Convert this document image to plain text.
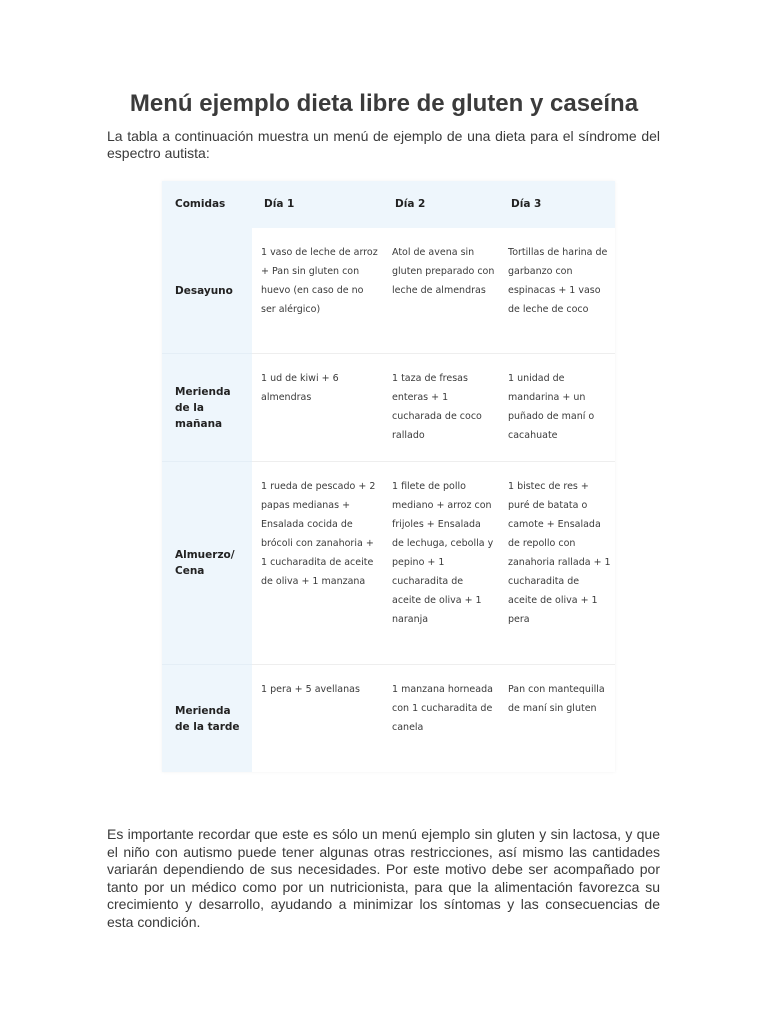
Menú ejemplo dieta libre de gluten y caseína

La tabla a continuación muestra un menú de ejemplo de una dieta para el síndrome del espectro autista:

Comidas	Día 1	Día 2	Día 3
Desayuno	1 vaso de leche de arroz + Pan sin gluten con huevo (en caso de no ser alérgico)	Atol de avena sin gluten preparado con leche de almendras	Tortillas de harina de garbanzo con espinacas + 1 vaso de leche de coco
Merienda de la mañana	1 ud de kiwi + 6 almendras	1 taza de fresas enteras + 1 cucharada de coco rallado	1 unidad de mandarina + un puñado de maní o cacahuate
Almuerzo/ Cena	1 rueda de pescado + 2 papas medianas + Ensalada cocida de brócoli con zanahoria + 1 cucharadita de aceite de oliva + 1 manzana	1 filete de pollo mediano + arroz con frijoles + Ensalada de lechuga, cebolla y pepino + 1 cucharadita de aceite de oliva + 1 naranja	1 bistec de res + puré de batata o camote + Ensalada de repollo con zanahoria rallada + 1 cucharadita de aceite de oliva + 1 pera
Merienda de la tarde	1 pera + 5 avellanas	1 manzana horneada con 1 cucharadita de canela	Pan con mantequilla de maní sin gluten

Es importante recordar que este es sólo un menú ejemplo sin gluten y sin lactosa, y que el niño con autismo puede tener algunas otras restricciones, así mismo las cantidades variarán dependiendo de sus necesidades. Por este motivo debe ser acompañado por tanto por un médico como por un nutricionista, para que la alimentación favorezca su crecimiento y desarrollo, ayudando a minimizar los síntomas y las consecuencias de esta condición.
